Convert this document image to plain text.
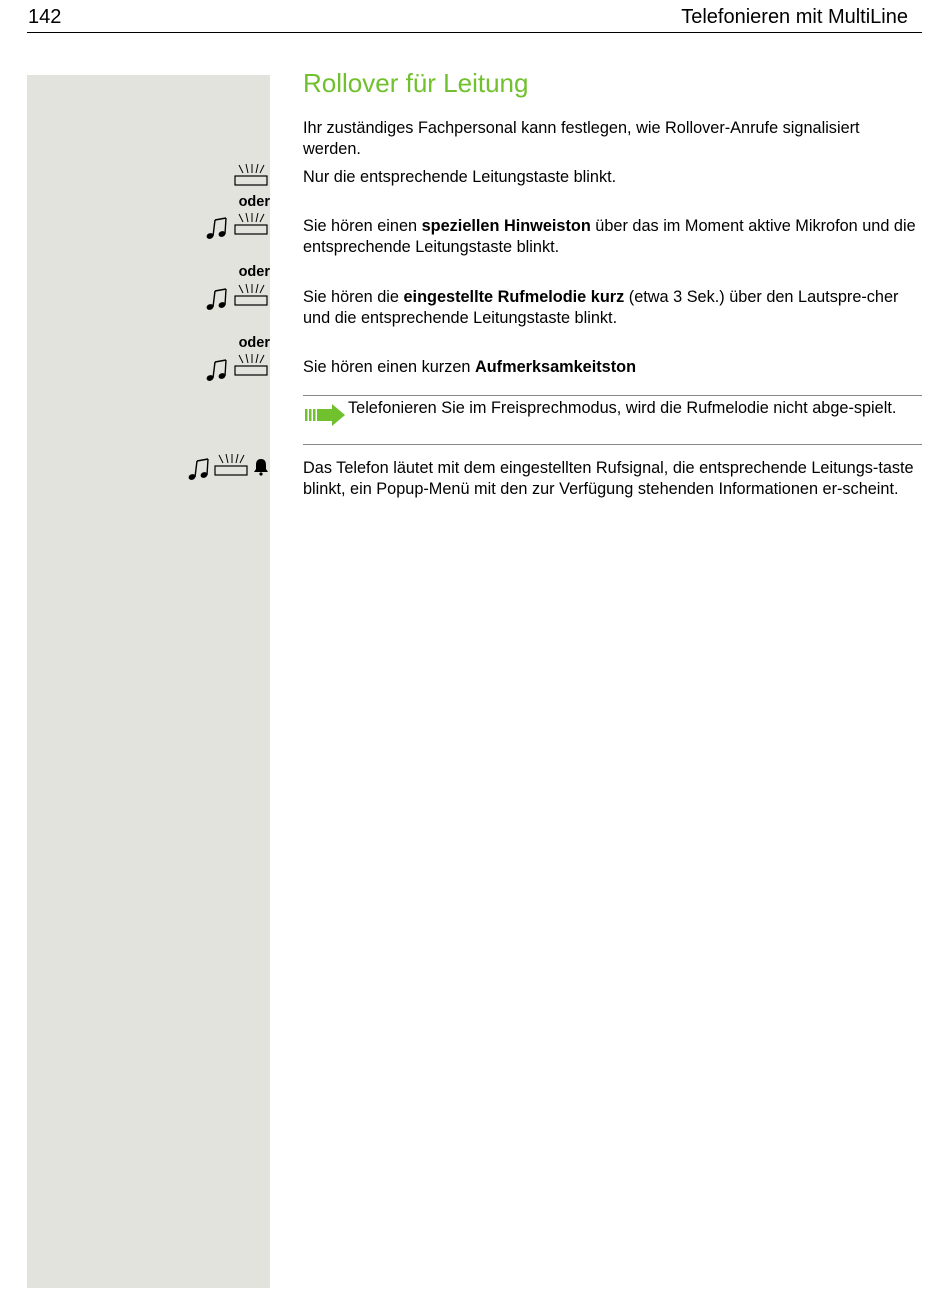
142	Telefonieren mit MultiLine
Rollover für Leitung
Ihr zuständiges Fachpersonal kann festlegen, wie Rollover-Anrufe signalisiert werden.
Nur die entsprechende Leitungstaste blinkt.
oder
Sie hören einen speziellen Hinweiston über das im Moment aktive Mikrofon und die entsprechende Leitungstaste blinkt.
oder
Sie hören die eingestellte Rufmelodie kurz (etwa 3 Sek.) über den Lautspre-cher und die entsprechende Leitungstaste blinkt.
oder
Sie hören einen kurzen Aufmerksamkeitston
Telefonieren Sie im Freisprechmodus, wird die Rufmelodie nicht abge-spielt.
Das Telefon läutet mit dem eingestellten Rufsignal, die entsprechende Leitungs-taste blinkt, ein Popup-Menü mit den zur Verfügung stehenden Informationen er-scheint.
